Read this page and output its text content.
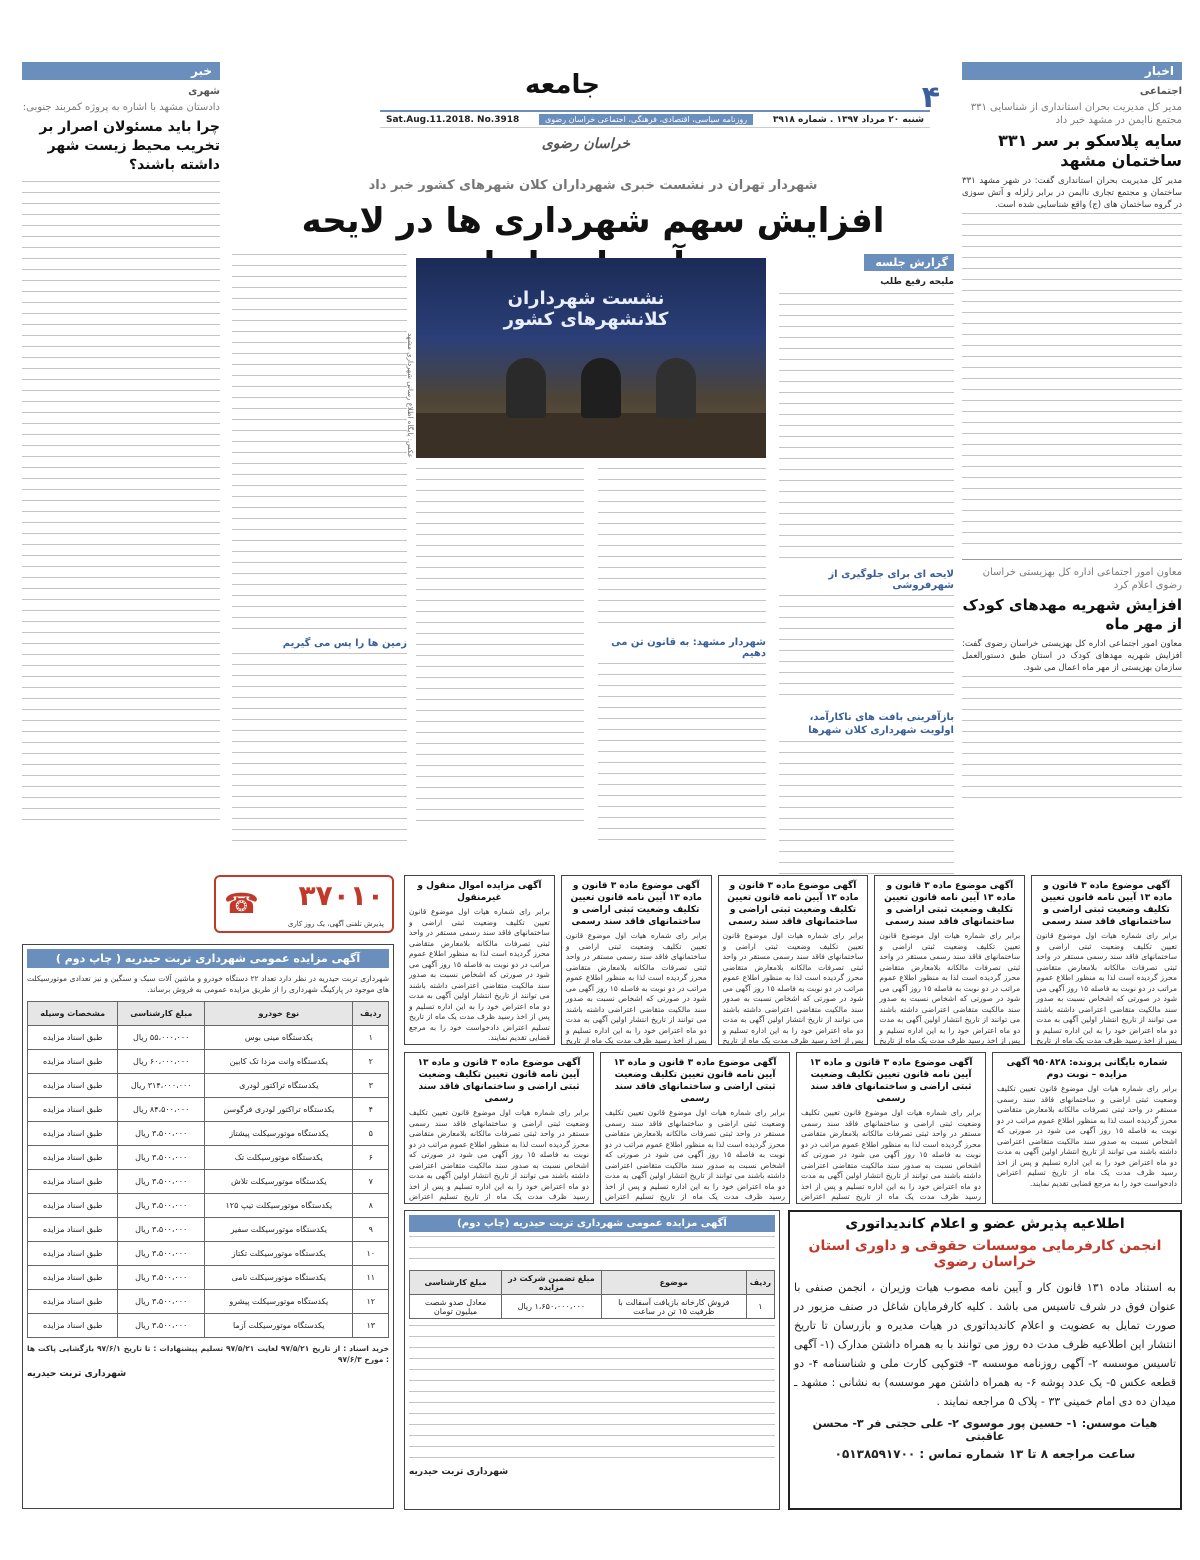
۴
جامعه
شنبه ۲۰ مرداد ۱۳۹۷ . شماره ۳۹۱۸
روزنامه سیاسی، اقتصادی، فرهنگی، اجتماعی خراسان رضوی
Sat.Aug.11.2018. No.3918
خراسان رضوی
اخبار
اجتماعی
مدیر کل مدیریت بحران استانداری از شناسایی ۳۳۱ مجتمع ناایمن در مشهد خبر داد
سایه پلاسکو بر سر ۳۳۱ ساختمان مشهد
مدیر کل مدیریت بحران استانداری گفت: در شهر مشهد ۳۳۱ ساختمان و مجتمع تجاری ناایمن در برابر زلزله و آتش سوزی در گروه ساختمان های (ج) واقع شناسایی شده است.
معاون امور اجتماعی اداره کل بهزیستی خراسان رضوی اعلام کرد
افزایش شهریه مهدهای کودک از مهر ماه
معاون امور اجتماعی اداره کل بهزیستی خراسان رضوی گفت: افزایش شهریه مهدهای کودک در استان طبق دستورالعمل سازمان بهزیستی از مهر ماه اعمال می شود.
خبر
شهری
دادستان مشهد با اشاره به پروژه کمربند جنوبی:
چرا باید مسئولان اصرار بر تخریب محیط زیست شهر داشته باشند؟
شهردار تهران در نشست خبری شهرداران کلان شهرهای کشور خبر داد
افزایش سهم شهرداری ها در لایحه
گزارش جلسه
ملیحه رفیع طلب
لایحه ای برای جلوگیری از شهرفروشی
بازآفرینی بافت های ناکارآمد، اولویت شهرداری کلان شهرها
نشست شهرداران کلانشهرهای کشور
عکس: پایگاه اطلاع رسانی شهرداری مشهد
شهردار مشهد: به قانون تن می دهیم
زمین ها را پس می گیریم
☎ ۳۷۰۱۰
پذیرش تلفنی آگهی، یک روز کاری
آگهی مزایده عمومی شهرداری تربت حیدریه ( چاپ دوم )
شهرداری تربت حیدریه در نظر دارد تعداد ۲۲ دستگاه خودرو و ماشین آلات سبک و سنگین و نیز تعدادی موتورسیکلت های موجود در پارکینگ شهرداری را از طریق مزایده عمومی به فروش برساند.
ردیف	نوع خودرو	مبلغ کارشناسی	مشخصات وسیله
۱	یکدستگاه مینی بوس	۵۵،۰۰۰،۰۰۰ ریال	طبق اسناد مزایده
۲	یکدستگاه وانت مزدا تک کابین	۶۰،۰۰۰،۰۰۰ ریال	طبق اسناد مزایده
۳	یکدستگاه تراکتور لودری	۳۱۴،۰۰۰،۰۰۰ ریال	طبق اسناد مزایده
۴	یکدستگاه تراکتور لودری فرگوسن	۸۴،۵۰۰،۰۰۰ ریال	طبق اسناد مزایده
۵	یکدستگاه موتورسیکلت پیشتاز	۳،۵۰۰،۰۰۰ ریال	طبق اسناد مزایده
۶	یکدستگاه موتورسیکلت تک	۳،۵۰۰،۰۰۰ ریال	طبق اسناد مزایده
۷	یکدستگاه موتورسیکلت تلاش	۳،۵۰۰،۰۰۰ ریال	طبق اسناد مزایده
۸	یکدستگاه موتورسیکلت تیپ ۱۲۵	۳،۵۰۰،۰۰۰ ریال	طبق اسناد مزایده
۹	یکدستگاه موتورسیکلت سفیر	۳،۵۰۰،۰۰۰ ریال	طبق اسناد مزایده
۱۰	یکدستگاه موتورسیکلت تکتاز	۳،۵۰۰،۰۰۰ ریال	طبق اسناد مزایده
۱۱	یکدستگاه موتورسیکلت نامی	۳،۵۰۰،۰۰۰ ریال	طبق اسناد مزایده
۱۲	یکدستگاه موتورسیکلت پیشرو	۳،۵۰۰،۰۰۰ ریال	طبق اسناد مزایده
۱۳	یکدستگاه موتورسیکلت آزما	۳،۵۰۰،۰۰۰ ریال	طبق اسناد مزایده
خرید اسناد : از تاریخ ۹۷/۵/۲۱ لغایت ۹۷/۵/۲۱ تسلیم پیشنهادات : تا تاریخ ۹۷/۶/۱ بازگشایی پاکت ها : مورخ ۹۷/۶/۳
شهرداری تربت حیدریه
آگهی مزایده عمومی شهرداری تربت حیدریه (چاپ دوم)
ردیف	موضوع	مبلغ تضمین شرکت در مزایده	مبلغ کارشناسی
۱	فروش کارخانه بازیافت آسفالت با ظرفیت ۱۵ تن در ساعت	۱،۶۵۰،۰۰۰،۰۰۰ ریال	معادل صدو شصت میلیون تومان
شهرداری تربت حیدریه
آگهی موضوع ماده ۳ قانون و ماده ۱۳ آیین نامه قانون تعیین تکلیف وضعیت ثبتی اراضی و ساختمانهای فاقد سند رسمی
برابر رای شماره هیات اول موضوع قانون تعیین تکلیف وضعیت ثبتی اراضی و ساختمانهای فاقد سند رسمی مستقر در واحد ثبتی تصرفات مالکانه بلامعارض متقاضی محرز گردیده است لذا به منظور اطلاع عموم مراتب در دو نوبت به فاصله ۱۵ روز آگهی می شود در صورتی که اشخاص نسبت به صدور سند مالکیت متقاضی اعتراضی داشته باشند می توانند از تاریخ انتشار اولین آگهی به مدت دو ماه اعتراض خود را به این اداره تسلیم و پس از اخذ رسید ظرف مدت یک ماه از تاریخ
آگهی موضوع ماده ۳ قانون و ماده ۱۳ آیین نامه قانون تعیین تکلیف وضعیت ثبتی اراضی و ساختمانهای فاقد سند رسمی
برابر رای شماره هیات اول موضوع قانون تعیین تکلیف وضعیت ثبتی اراضی و ساختمانهای فاقد سند رسمی مستقر در واحد ثبتی تصرفات مالکانه بلامعارض متقاضی محرز گردیده است لذا به منظور اطلاع عموم مراتب در دو نوبت به فاصله ۱۵ روز آگهی می شود در صورتی که اشخاص نسبت به صدور سند مالکیت متقاضی اعتراضی داشته باشند می توانند از تاریخ انتشار اولین آگهی به مدت دو ماه اعتراض خود را به این اداره تسلیم و پس از اخذ رسید ظرف مدت یک ماه از تاریخ
آگهی موضوع ماده ۳ قانون و ماده ۱۳ آیین نامه قانون تعیین تکلیف وضعیت ثبتی اراضی و ساختمانهای فاقد سند رسمی
برابر رای شماره هیات اول موضوع قانون تعیین تکلیف وضعیت ثبتی اراضی و ساختمانهای فاقد سند رسمی مستقر در واحد ثبتی تصرفات مالکانه بلامعارض متقاضی محرز گردیده است لذا به منظور اطلاع عموم مراتب در دو نوبت به فاصله ۱۵ روز آگهی می شود در صورتی که اشخاص نسبت به صدور سند مالکیت متقاضی اعتراضی داشته باشند می توانند از تاریخ انتشار اولین آگهی به مدت دو ماه اعتراض خود را به این اداره تسلیم و پس از اخذ رسید ظرف مدت یک ماه از تاریخ
آگهی موضوع ماده ۳ قانون و ماده ۱۳ آیین نامه قانون تعیین تکلیف وضعیت ثبتی اراضی و ساختمانهای فاقد سند رسمی
برابر رای شماره هیات اول موضوع قانون تعیین تکلیف وضعیت ثبتی اراضی و ساختمانهای فاقد سند رسمی مستقر در واحد ثبتی تصرفات مالکانه بلامعارض متقاضی محرز گردیده است لذا به منظور اطلاع عموم مراتب در دو نوبت به فاصله ۱۵ روز آگهی می شود در صورتی که اشخاص نسبت به صدور سند مالکیت متقاضی اعتراضی داشته باشند می توانند از تاریخ انتشار اولین آگهی به مدت دو ماه اعتراض خود را به این اداره تسلیم و پس از اخذ رسید ظرف مدت یک ماه از تاریخ
آگهی مزایده اموال منقول و غیرمنقول
برابر رای شماره هیات اول موضوع قانون تعیین تکلیف وضعیت ثبتی اراضی و ساختمانهای فاقد سند رسمی مستقر در واحد ثبتی تصرفات مالکانه بلامعارض متقاضی محرز گردیده است لذا به منظور اطلاع عموم مراتب در دو نوبت به فاصله ۱۵ روز آگهی می شود در صورتی که اشخاص نسبت به صدور سند مالکیت متقاضی اعتراضی داشته باشند می توانند از تاریخ انتشار اولین آگهی به مدت دو ماه اعتراض خود را به این اداره تسلیم و پس از اخذ رسید ظرف مدت یک ماه از تاریخ تسلیم اعتراض دادخواست خود را به مرجع قضایی تقدیم نمایند.
شماره بایگانی پرونده: ۹۵۰۸۲۸ آگهی مزایده – نوبت دوم
برابر رای شماره هیات اول موضوع قانون تعیین تکلیف وضعیت ثبتی اراضی و ساختمانهای فاقد سند رسمی مستقر در واحد ثبتی تصرفات مالکانه بلامعارض متقاضی محرز گردیده است لذا به منظور اطلاع عموم مراتب در دو نوبت به فاصله ۱۵ روز آگهی می شود در صورتی که اشخاص نسبت به صدور سند مالکیت متقاضی اعتراضی داشته باشند می توانند از تاریخ انتشار اولین آگهی به مدت دو ماه اعتراض خود را به این اداره تسلیم و پس از اخذ رسید ظرف مدت یک ماه از تاریخ تسلیم اعتراض دادخواست خود را به مرجع قضایی تقدیم نمایند.
آگهی موضوع ماده ۳ قانون و ماده ۱۳ آیین نامه قانون تعیین تکلیف وضعیت ثبتی اراضی و ساختمانهای فاقد سند رسمی
برابر رای شماره هیات اول موضوع قانون تعیین تکلیف وضعیت ثبتی اراضی و ساختمانهای فاقد سند رسمی مستقر در واحد ثبتی تصرفات مالکانه بلامعارض متقاضی محرز گردیده است لذا به منظور اطلاع عموم مراتب در دو نوبت به فاصله ۱۵ روز آگهی می شود در صورتی که اشخاص نسبت به صدور سند مالکیت متقاضی اعتراضی داشته باشند می توانند از تاریخ انتشار اولین آگهی به مدت دو ماه اعتراض خود را به این اداره تسلیم و پس از اخذ رسید ظرف مدت یک ماه از تاریخ تسلیم اعتراض
آگهی موضوع ماده ۳ قانون و ماده ۱۳ آیین نامه قانون تعیین تکلیف وضعیت ثبتی اراضی و ساختمانهای فاقد سند رسمی
برابر رای شماره هیات اول موضوع قانون تعیین تکلیف وضعیت ثبتی اراضی و ساختمانهای فاقد سند رسمی مستقر در واحد ثبتی تصرفات مالکانه بلامعارض متقاضی محرز گردیده است لذا به منظور اطلاع عموم مراتب در دو نوبت به فاصله ۱۵ روز آگهی می شود در صورتی که اشخاص نسبت به صدور سند مالکیت متقاضی اعتراضی داشته باشند می توانند از تاریخ انتشار اولین آگهی به مدت دو ماه اعتراض خود را به این اداره تسلیم و پس از اخذ رسید ظرف مدت یک ماه از تاریخ تسلیم اعتراض
آگهی موضوع ماده ۳ قانون و ماده ۱۳ آیین نامه قانون تعیین تکلیف وضعیت ثبتی اراضی و ساختمانهای فاقد سند رسمی
برابر رای شماره هیات اول موضوع قانون تعیین تکلیف وضعیت ثبتی اراضی و ساختمانهای فاقد سند رسمی مستقر در واحد ثبتی تصرفات مالکانه بلامعارض متقاضی محرز گردیده است لذا به منظور اطلاع عموم مراتب در دو نوبت به فاصله ۱۵ روز آگهی می شود در صورتی که اشخاص نسبت به صدور سند مالکیت متقاضی اعتراضی داشته باشند می توانند از تاریخ انتشار اولین آگهی به مدت دو ماه اعتراض خود را به این اداره تسلیم و پس از اخذ رسید ظرف مدت یک ماه از تاریخ تسلیم اعتراض
اطلاعیه پذیرش عضو و اعلام کاندیداتوری
انجمن کارفرمایی موسسات حقوقی و داوری استان خراسان رضوی
به استناد ماده ۱۳۱ قانون کار و آیین نامه مصوب هیات وزیران ، انجمن صنفی با عنوان فوق در شرف تاسیس می باشد . کلیه کارفرمایان شاغل در صنف مزبور در صورت تمایل به عضویت و اعلام کاندیداتوری در هیات مدیره و بازرسان تا تاریخ انتشار این اطلاعیه ظرف مدت ده روز می توانند با به همراه داشتن مدارک (۱- آگهی تاسیس موسسه ۲- آگهی روزنامه موسسه ۳- فتوکپی کارت ملی و شناسنامه ۴- دو قطعه عکس ۵- یک عدد پوشه ۶- به همراه داشتن مهر موسسه) به نشانی : مشهد ـ میدان ده دی امام خمینی ۳۳ - پلاک ۵ مراجعه نمایند .
هیات موسس: ۱- حسین پور موسوی ۲- علی حجتی فر ۳- محسن عاقبتی
ساعت مراجعه ۸ تا ۱۳ شماره تماس : ۰۵۱۳۸۵۹۱۷۰۰
